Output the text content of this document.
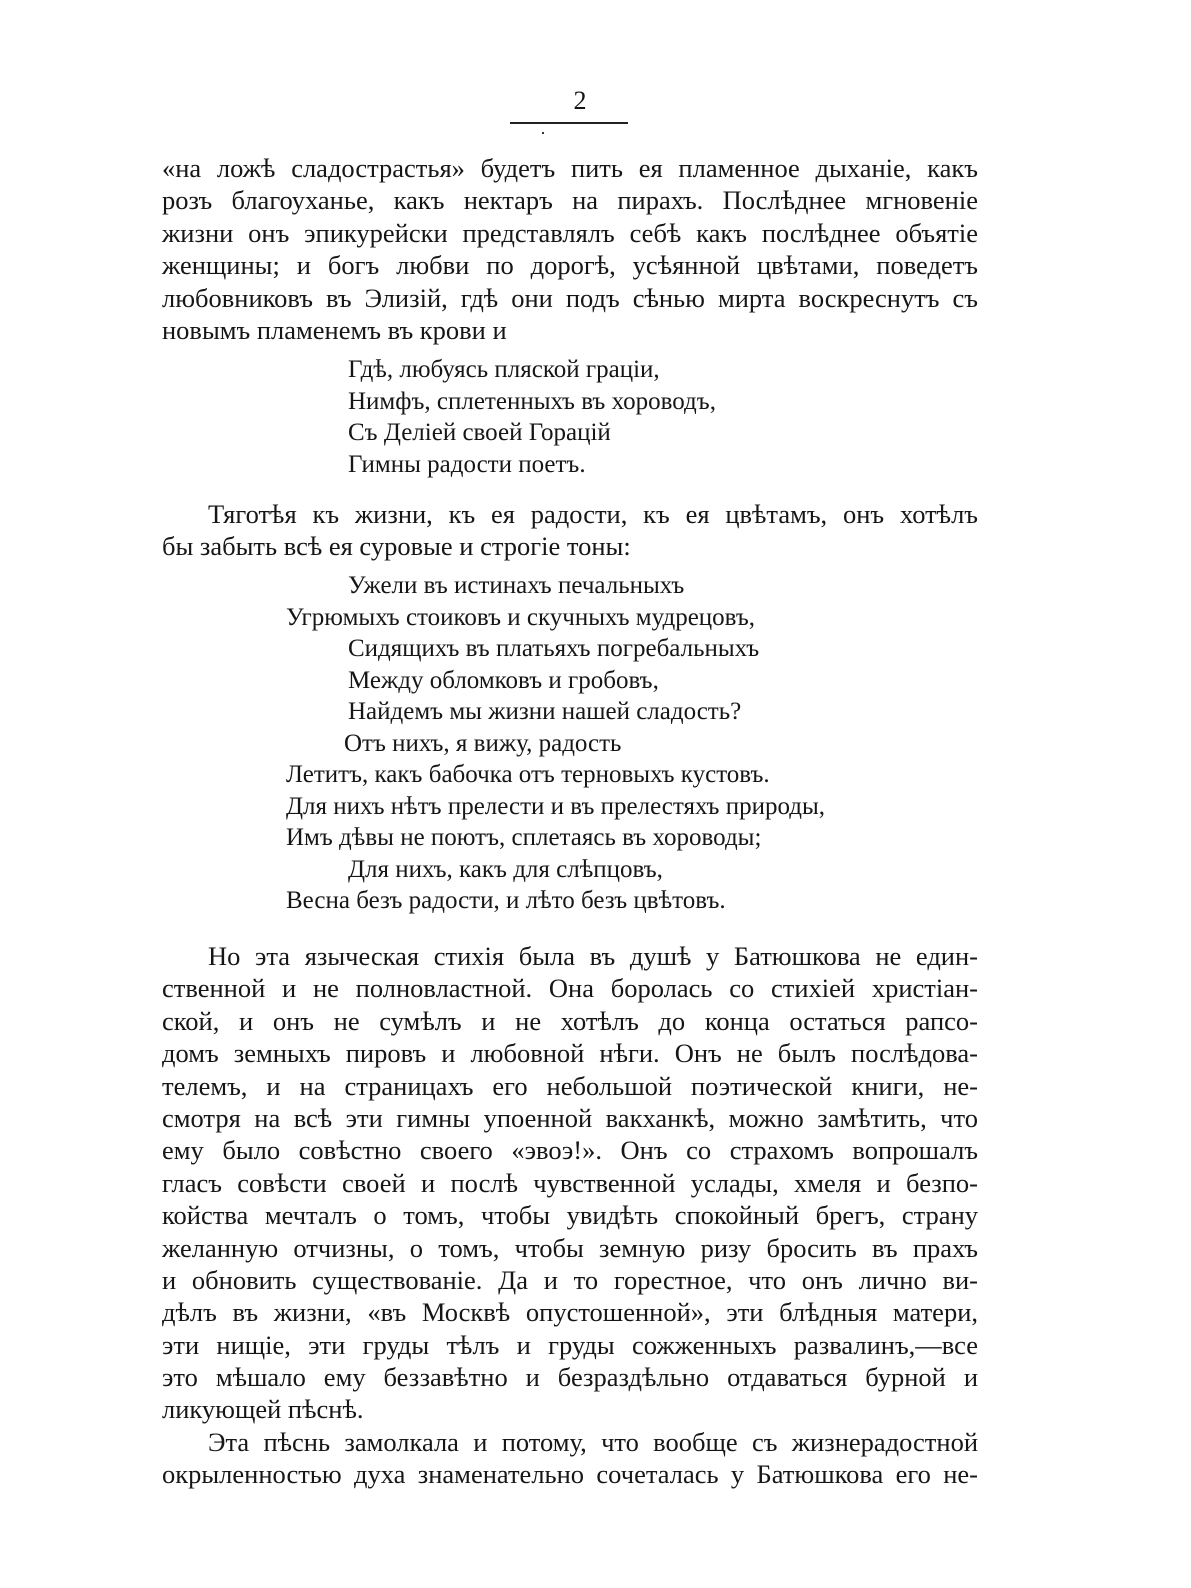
2
«на ложѣ сладострастья» будетъ пить ея пламенное дыханіе, какъ
розъ благоуханье, какъ нектаръ на пирахъ. Послѣднее мгновеніе
жизни онъ эпикурейски представлялъ себѣ какъ послѣднее объятіе
женщины; и богъ любви по дорогѣ, усѣянной цвѣтами, поведетъ
любовниковъ въ Элизій, гдѣ они подъ сѣнью мирта воскреснутъ съ
новымъ пламенемъ въ крови и
Гдѣ, любуясь пляской граціи,
Нимфъ, сплетенныхъ въ хороводъ,
Съ Деліей своей Горацій
Гимны радости поетъ.
Тяготѣя къ жизни, къ ея радости, къ ея цвѣтамъ, онъ хотѣлъ
бы забыть всѣ ея суровые и строгіе тоны:
Ужели въ истинахъ печальныхъ
Угрюмыхъ стоиковъ и скучныхъ мудрецовъ,
Сидящихъ въ платьяхъ погребальныхъ
Между обломковъ и гробовъ,
Найдемъ мы жизни нашей сладость?
Отъ нихъ, я вижу, радость
Летитъ, какъ бабочка отъ терновыхъ кустовъ.
Для нихъ нѣтъ прелести и въ прелестяхъ природы,
Имъ дѣвы не поютъ, сплетаясь въ хороводы;
Для нихъ, какъ для слѣпцовъ,
Весна безъ радости, и лѣто безъ цвѣтовъ.
Но эта языческая стихія была въ душѣ у Батюшкова не един-
ственной и не полновластной. Она боролась со стихіей христіан-
ской, и онъ не сумѣлъ и не хотѣлъ до конца остаться рапсо-
домъ земныхъ пировъ и любовной нѣги. Онъ не былъ послѣдова-
телемъ, и на страницахъ его небольшой поэтической книги, не-
смотря на всѣ эти гимны упоенной вакханкѣ, можно замѣтить, что
ему было совѣстно своего «эвоэ!». Онъ со страхомъ вопрошалъ
гласъ совѣсти своей и послѣ чувственной услады, хмеля и безпо-
койства мечталъ о томъ, чтобы увидѣть спокойный брегъ, страну
желанную отчизны, о томъ, чтобы земную ризу бросить въ прахъ
и обновить существованіе. Да и то горестное, что онъ лично ви-
дѣлъ въ жизни, «въ Москвѣ опустошенной», эти блѣдныя матери,
эти нищіе, эти груды тѣлъ и груды сожженныхъ развалинъ,—все
это мѣшало ему беззавѣтно и безраздѣльно отдаваться бурной и
ликующей пѣснѣ.
Эта пѣснь замолкала и потому, что вообще съ жизнерадостной
окрыленностью духа знаменательно сочеталась у Батюшкова его не-
